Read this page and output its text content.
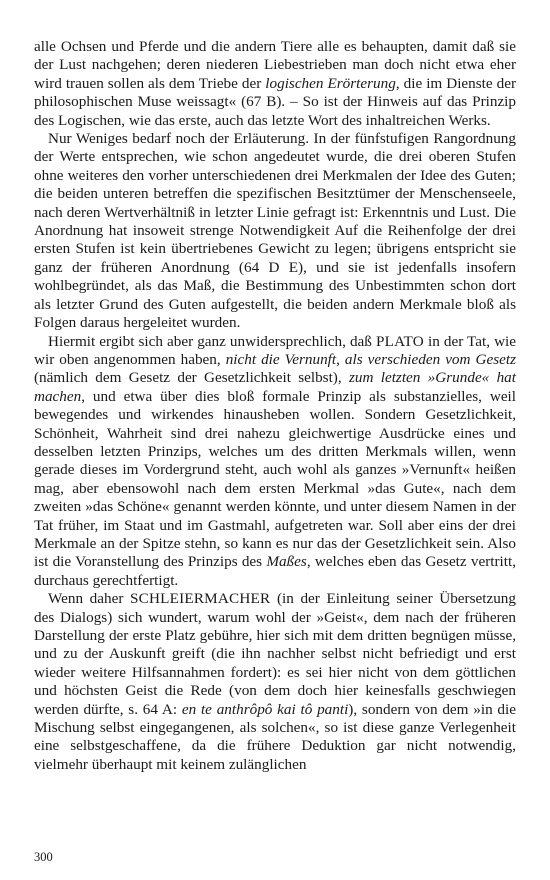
alle Ochsen und Pferde und die andern Tiere alle es behaupten, damit daß sie der Lust nachgehen; deren niederen Liebestrieben man doch nicht etwa eher wird trauen sollen als dem Triebe der logischen Erörterung, die im Dienste der philosophischen Muse weissagt« (67 B). – So ist der Hinweis auf das Prinzip des Logischen, wie das erste, auch das letzte Wort des inhaltreichen Werks.

Nur Weniges bedarf noch der Erläuterung. In der fünfstufigen Rangordnung der Werte entsprechen, wie schon angedeutet wurde, die drei oberen Stufen ohne weiteres den vorher unterschiedenen drei Merkmalen der Idee des Guten; die beiden unteren betreffen die spezifischen Besitztümer der Menschenseele, nach deren Wertverhältniß in letzter Linie gefragt ist: Erkenntnis und Lust. Die Anordnung hat insoweit strenge Notwendigkeit Auf die Reihenfolge der drei ersten Stufen ist kein übertriebenes Gewicht zu legen; übrigens entspricht sie ganz der früheren Anordnung (64 D E), und sie ist jedenfalls insofern wohlbegründet, als das Maß, die Bestimmung des Unbestimmten schon dort als letzter Grund des Guten aufgestellt, die beiden andern Merkmale bloß als Folgen daraus hergeleitet wurden.

Hiermit ergibt sich aber ganz unwidersprechlich, daß PLATO in der Tat, wie wir oben angenommen haben, nicht die Vernunft, als verschieden vom Gesetz (nämlich dem Gesetz der Gesetzlichkeit selbst), zum letzten »Grunde« hat machen, und etwa über dies bloß formale Prinzip als substanzielles, weil bewegendes und wirkendes hinausheben wollen. Sondern Gesetzlichkeit, Schönheit, Wahrheit sind drei nahezu gleichwertige Ausdrücke eines und desselben letzten Prinzips, welches um des dritten Merkmals willen, wenn gerade dieses im Vordergrund steht, auch wohl als ganzes »Vernunft« heißen mag, aber ebensowohl nach dem ersten Merkmal »das Gute«, nach dem zweiten »das Schöne« genannt werden könnte, und unter diesem Namen in der Tat früher, im Staat und im Gastmahl, aufgetreten war. Soll aber eins der drei Merkmale an der Spitze stehn, so kann es nur das der Gesetzlichkeit sein. Also ist die Voranstellung des Prinzips des Maßes, welches eben das Gesetz vertritt, durchaus gerechtfertigt.

Wenn daher SCHLEIERMACHER (in der Einleitung seiner Übersetzung des Dialogs) sich wundert, warum wohl der »Geist«, dem nach der früheren Darstellung der erste Platz gebühre, hier sich mit dem dritten begnügen müsse, und zu der Auskunft greift (die ihn nachher selbst nicht befriedigt und erst wieder weitere Hilfsannahmen fordert): es sei hier nicht von dem göttlichen und höchsten Geist die Rede (von dem doch hier keinesfalls geschwiegen werden dürfte, s. 64 A: en te anthrôpô kai tô panti), sondern von dem »in die Mischung selbst eingegangenen, als solchen«, so ist diese ganze Verlegenheit eine selbstgeschaffene, da die frühere Deduktion gar nicht notwendig, vielmehr überhaupt mit keinem zulänglichen

300
